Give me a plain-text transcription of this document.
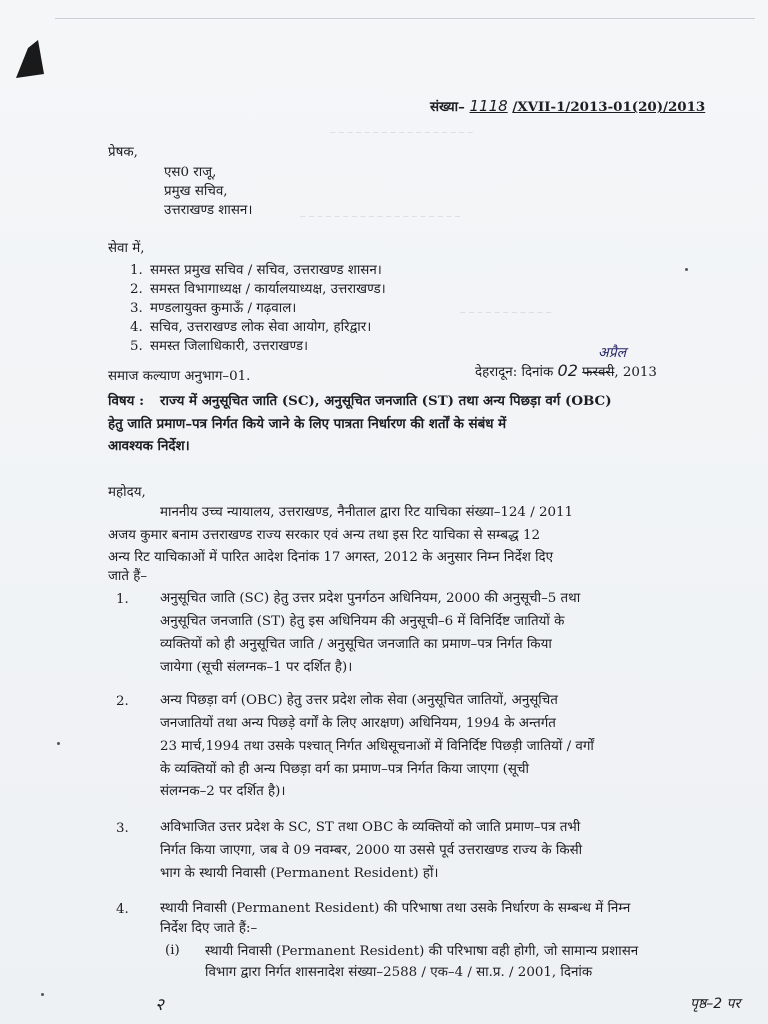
‒ ‒ ‒ ‒ ‒ ‒ ‒ ‒ ‒ ‒ ‒ ‒ ‒ ‒ ‒ ‒ ‒
‒ ‒ ‒ ‒ ‒ ‒ ‒ ‒ ‒ ‒ ‒ ‒ ‒ ‒ ‒ ‒ ‒ ‒ ‒
‒ ‒ ‒ ‒ ‒ ‒ ‒ ‒ ‒ ‒ ‒
संख्या– 1118 /XVII-1/2013-01(20)/2013
प्रेषक,
एस0 राजू,
प्रमुख सचिव,
उत्तराखण्ड शासन।
सेवा में,
1. समस्त प्रमुख सचिव / सचिव, उत्तराखण्ड शासन।
2. समस्त विभागाध्यक्ष / कार्यालयाध्यक्ष, उत्तराखण्ड।
3. मण्डलायुक्त कुमाऊँ / गढ़वाल।
4. सचिव, उत्तराखण्ड लोक सेवा आयोग, हरिद्वार।
5. समस्त जिलाधिकारी, उत्तराखण्ड।
समाज कल्याण अनुभाग–01.
अप्रैल
देहरादून: दिनांक 02 फरवरी, 2013
विषय : राज्य में अनुसूचित जाति (SC), अनुसूचित जनजाति (ST) तथा अन्य पिछड़ा वर्ग (OBC)
हेतु जाति प्रमाण–पत्र निर्गत किये जाने के लिए पात्रता निर्धारण की शर्तों के संबंध में
आवश्यक निर्देश।
महोदय,
माननीय उच्च न्यायालय, उत्तराखण्ड, नैनीताल द्वारा रिट याचिका संख्या–124 / 2011
अजय कुमार बनाम उत्तराखण्ड राज्य सरकार एवं अन्य तथा इस रिट याचिका से सम्बद्ध 12
अन्य रिट याचिकाओं में पारित आदेश दिनांक 17 अगस्त, 2012 के अनुसार निम्न निर्देश दिए
जाते हैं–
1. अनुसूचित जाति (SC) हेतु उत्तर प्रदेश पुनर्गठन अधिनियम, 2000 की अनुसूची–5 तथा
अनुसूचित जनजाति (ST) हेतु इस अधिनियम की अनुसूची–6 में विनिर्दिष्ट जातियों के
व्यक्तियों को ही अनुसूचित जाति / अनुसूचित जनजाति का प्रमाण–पत्र निर्गत किया
जायेगा (सूची संलग्नक–1 पर दर्शित है)।
2. अन्य पिछड़ा वर्ग (OBC) हेतु उत्तर प्रदेश लोक सेवा (अनुसूचित जातियों, अनुसूचित
जनजातियों तथा अन्य पिछड़े वर्गों के लिए आरक्षण) अधिनियम, 1994 के अन्तर्गत
23 मार्च,1994 तथा उसके पश्चात् निर्गत अधिसूचनाओं में विनिर्दिष्ट पिछड़ी जातियों / वर्गों
के व्यक्तियों को ही अन्य पिछड़ा वर्ग का प्रमाण–पत्र निर्गत किया जाएगा (सूची
संलग्नक–2 पर दर्शित है)।
3. अविभाजित उत्तर प्रदेश के SC, ST तथा OBC के व्यक्तियों को जाति प्रमाण–पत्र तभी
निर्गत किया जाएगा, जब वे 09 नवम्बर, 2000 या उससे पूर्व उत्तराखण्ड राज्य के किसी
भाग के स्थायी निवासी (Permanent Resident) हों।
4. स्थायी निवासी (Permanent Resident) की परिभाषा तथा उसके निर्धारण के सम्बन्ध में निम्न
निर्देश दिए जाते हैं:–
(i) स्थायी निवासी (Permanent Resident) की परिभाषा वही होगी, जो सामान्य प्रशासन
विभाग द्वारा निर्गत शासनादेश संख्या–2588 / एक–4 / सा.प्र. / 2001, दिनांक
२	पृष्ठ–2 पर
